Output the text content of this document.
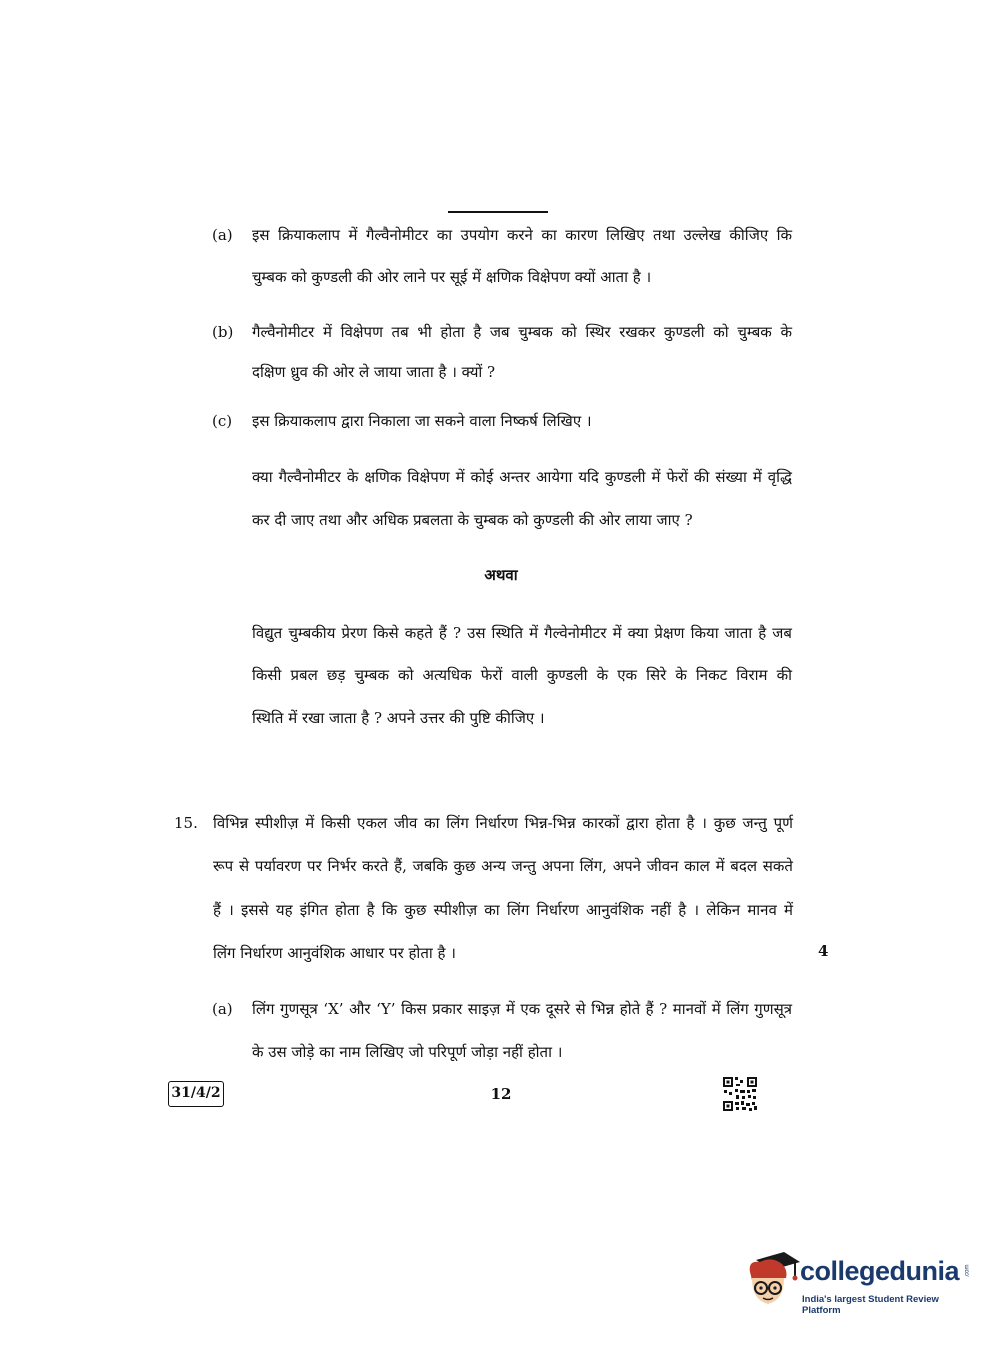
(a) इस क्रियाकलाप में गैल्वैनोमीटर का उपयोग करने का कारण लिखिए तथा उल्लेख कीजिए कि
चुम्बक को कुण्डली की ओर लाने पर सूई में क्षणिक विक्षेपण क्यों आता है ।
(b) गैल्वैनोमीटर में विक्षेपण तब भी होता है जब चुम्बक को स्थिर रखकर कुण्डली को चुम्बक के
दक्षिण ध्रुव की ओर ले जाया जाता है । क्यों ?
(c) इस क्रियाकलाप द्वारा निकाला जा सकने वाला निष्कर्ष लिखिए ।
क्या गैल्वैनोमीटर के क्षणिक विक्षेपण में कोई अन्तर आयेगा यदि कुण्डली में फेरों की संख्या में वृद्धि
कर दी जाए तथा और अधिक प्रबलता के चुम्बक को कुण्डली की ओर लाया जाए ?
अथवा
विद्युत चुम्बकीय प्रेरण किसे कहते हैं ? उस स्थिति में गैल्वेनोमीटर में क्या प्रेक्षण किया जाता है जब
किसी प्रबल छड़ चुम्बक को अत्यधिक फेरों वाली कुण्डली के एक सिरे के निकट विराम की
स्थिति में रखा जाता है ? अपने उत्तर की पुष्टि कीजिए ।
15. विभिन्न स्पीशीज़ में किसी एकल जीव का लिंग निर्धारण भिन्न-भिन्न कारकों द्वारा होता है । कुछ जन्तु पूर्ण
रूप से पर्यावरण पर निर्भर करते हैं, जबकि कुछ अन्य जन्तु अपना लिंग, अपने जीवन काल में बदल सकते
हैं । इससे यह इंगित होता है कि कुछ स्पीशीज़ का लिंग निर्धारण आनुवंशिक नहीं है । लेकिन मानव में
लिंग निर्धारण आनुवंशिक आधार पर होता है ।	4
(a) लिंग गुणसूत्र ‘X’ और ‘Y’ किस प्रकार साइज़ में एक दूसरे से भिन्न होते हैं ? मानवों में लिंग गुणसूत्र
के उस जोड़े का नाम लिखिए जो परिपूर्ण जोड़ा नहीं होता ।
31/4/2	12
collegedunia .com
India's largest Student Review Platform
